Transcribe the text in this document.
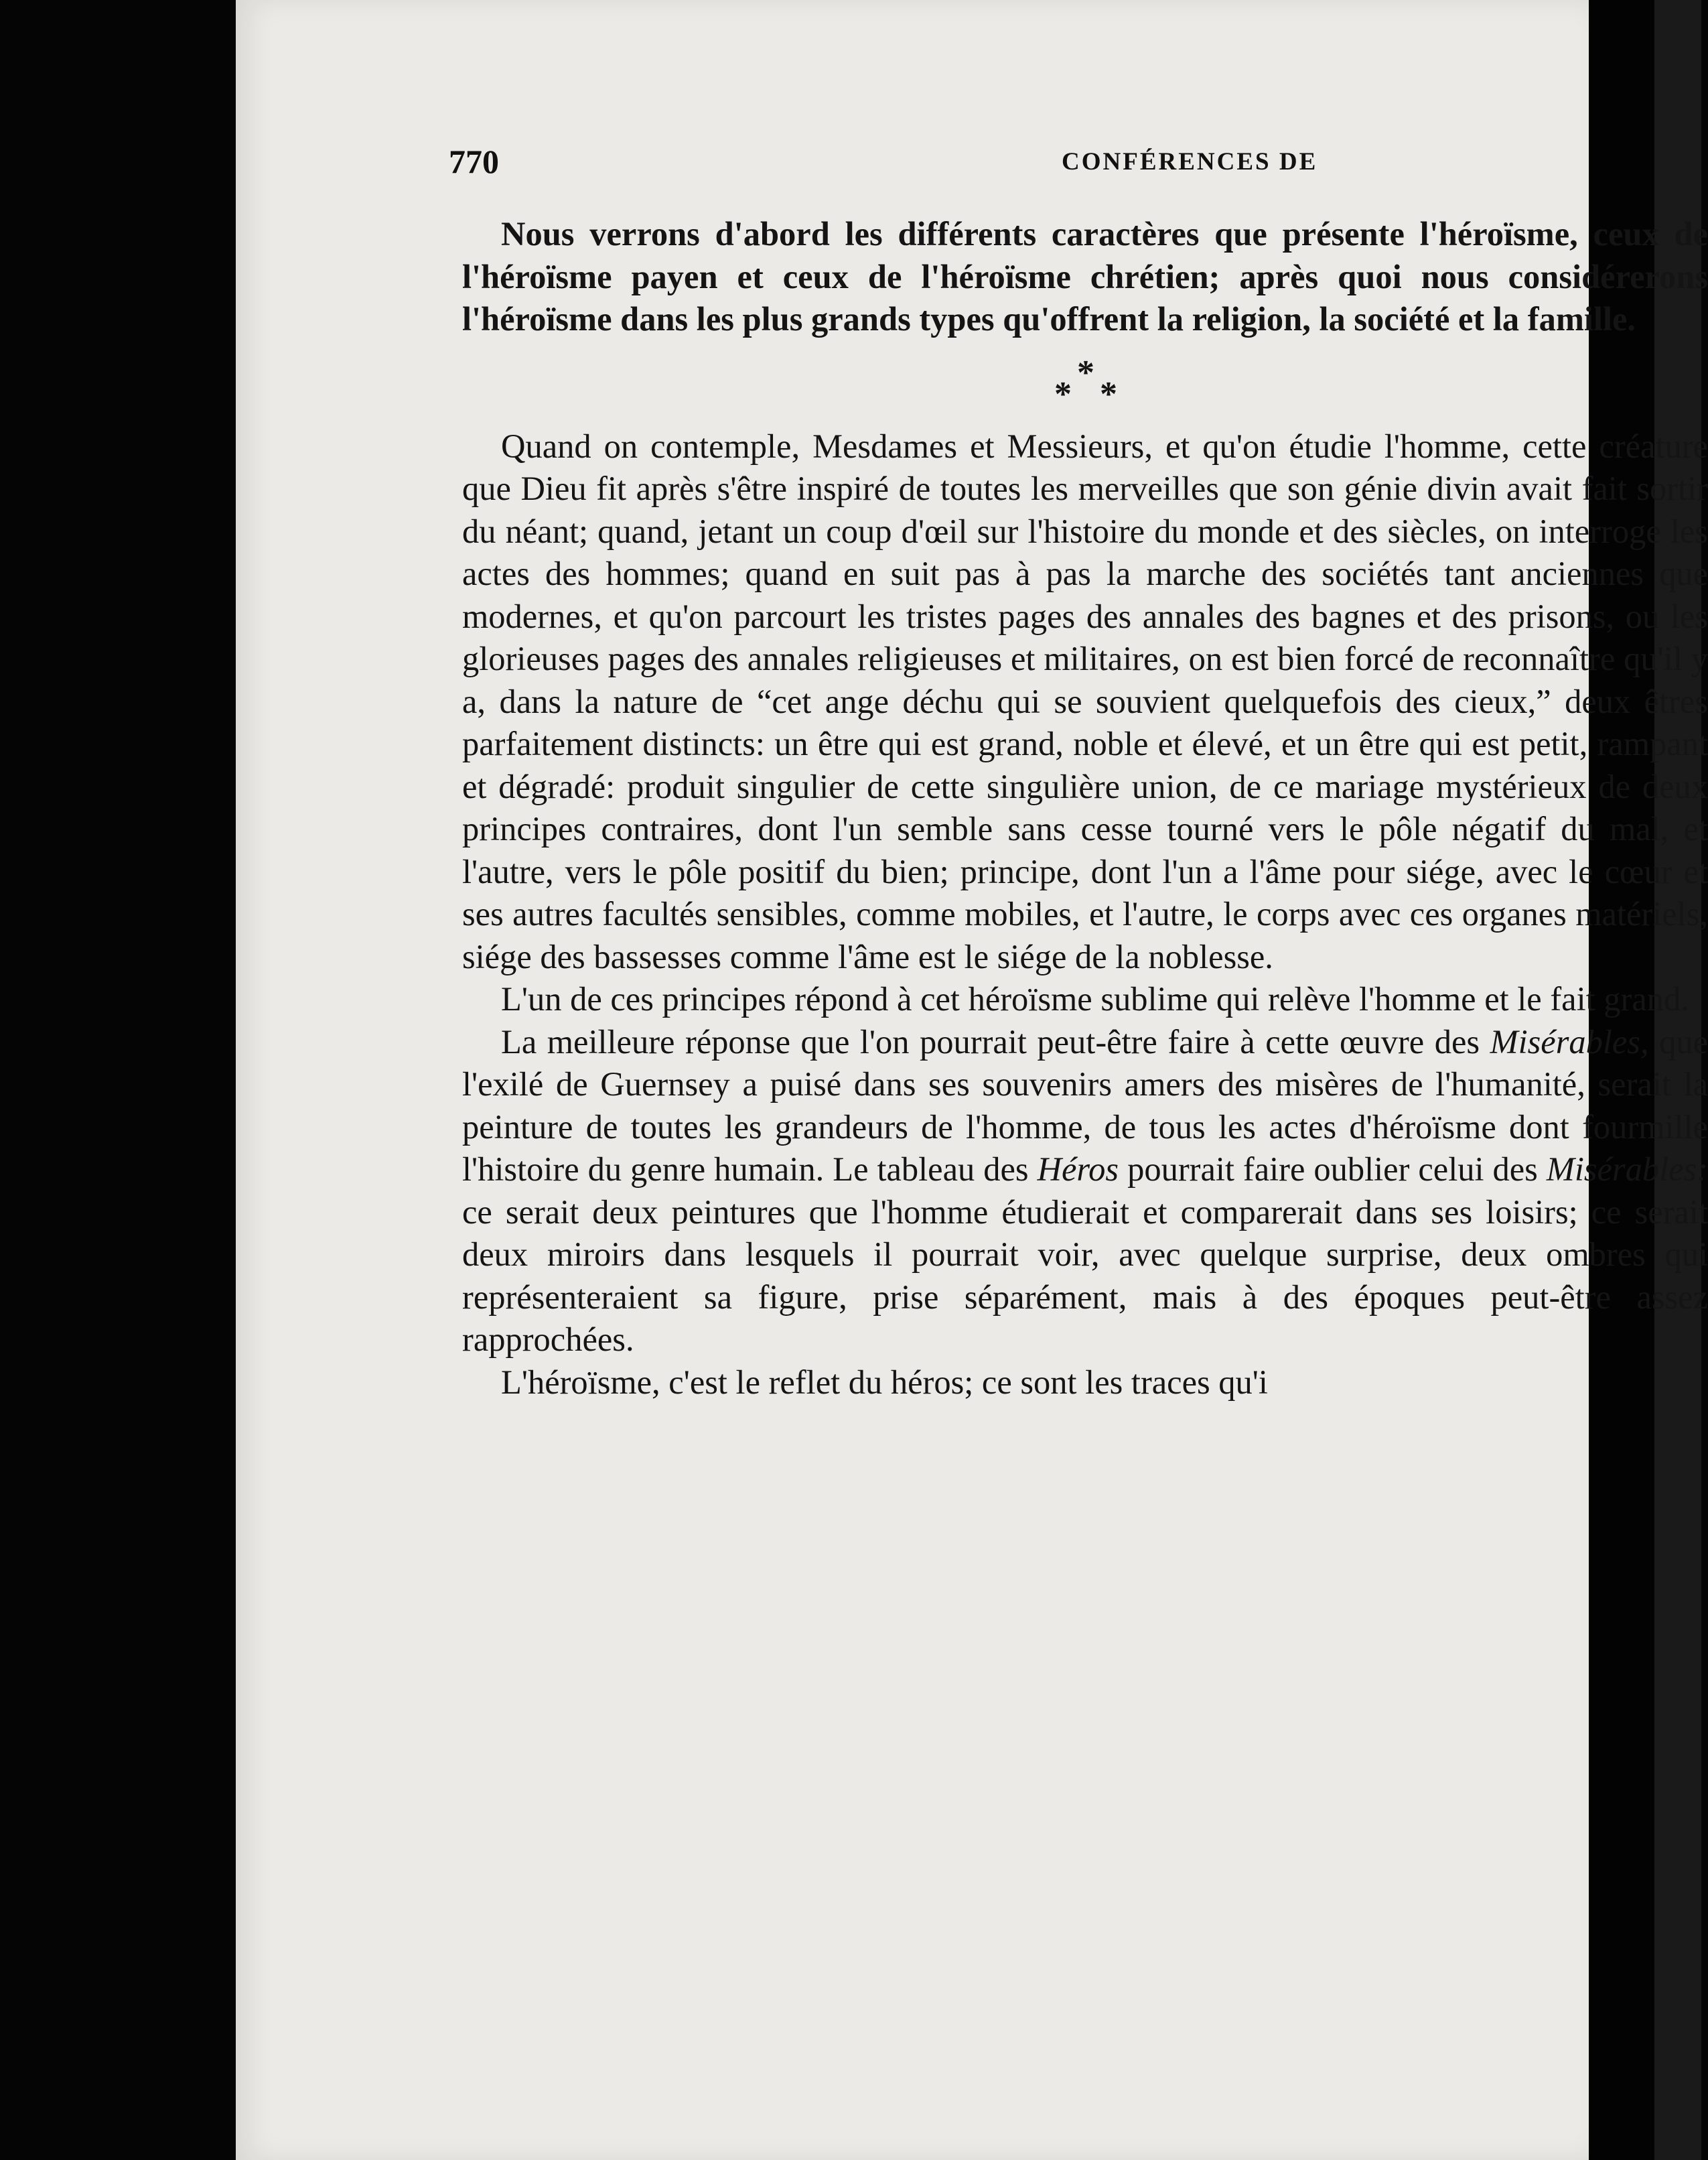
770	CONFÉRENCES DE

Nous verrons d'abord les différents caractères que présente l'héroïsme, ceux de l'héroïsme payen et ceux de l'héroïsme chrétien; après quoi nous considérerons l'héroïsme dans les plus grands types qu'offrent la religion, la société et la famille.

*
* *

Quand on contemple, Mesdames et Messieurs, et qu'on étudie l'homme, cette créature que Dieu fit après s'être inspiré de toutes les merveilles que son génie divin avait fait sortir du néant; quand, jetant un coup d'œil sur l'histoire du monde et des siècles, on interroge les actes des hommes; quand en suit pas à pas la marche des sociétés tant anciennes que modernes, et qu'on parcourt les tristes pages des annales des bagnes et des prisons, ou les glorieuses pages des annales religieuses et militaires, on est bien forcé de reconnaître qu'il y a, dans la nature de “cet ange déchu qui se souvient quelquefois des cieux,” deux êtres parfaitement distincts: un être qui est grand, noble et élevé, et un être qui est petit, rampant et dégradé: produit singulier de cette singulière union, de ce mariage mystérieux de deux principes contraires, dont l'un semble sans cesse tourné vers le pôle négatif du mal, et l'autre, vers le pôle positif du bien; principe, dont l'un a l'âme pour siége, avec le cœur et ses autres facultés sensibles, comme mobiles, et l'autre, le corps avec ces organes matériels, siége des bassesses comme l'âme est le siége de la noblesse.

L'un de ces principes répond à cet héroïsme sublime qui relève l'homme et le fait grand.

La meilleure réponse que l'on pourrait peut-être faire à cette œuvre des Misérables, que l'exilé de Guernsey a puisé dans ses souvenirs amers des misères de l'humanité, serait la peinture de toutes les grandeurs de l'homme, de tous les actes d'héroïsme dont fourmille l'histoire du genre humain. Le tableau des Héros pourrait faire oublier celui des Misérables: ce serait deux peintures que l'homme étudierait et comparerait dans ses loisirs; ce serait deux miroirs dans lesquels il pourrait voir, avec quelque surprise, deux ombres qui représenteraient sa figure, prise séparément, mais à des époques peut-être assez rapprochées.

L'héroïsme, c'est le reflet du héros; ce sont les traces qu'i
